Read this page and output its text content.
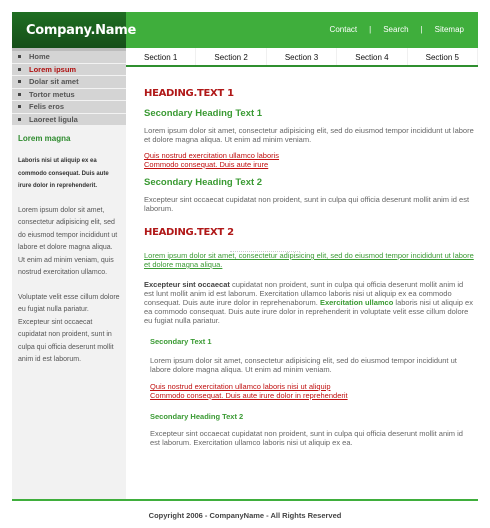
Company.Name	Contact | Search | Sitemap
Home
Lorem ipsum
Dolar sit amet
Tortor metus
Felis eros
Laoreet ligula
Lorem magna
Laboris nisi ut aliquip ex ea commodo consequat. Duis aute irure dolor in reprehenderit.
Lorem ipsum dolor sit amet, consectetur adipisicing elit, sed do eiusmod tempor incididunt ut labore et dolore magna aliqua. Ut enim ad minim veniam, quis nostrud exercitation ullamco.
Voluptate velit esse cillum dolore eu fugiat nulla pariatur. Excepteur sint occaecat cupidatat non proident, sunt in culpa qui officia deserunt mollit anim id est laborum.
Section 1	Section 2	Section 3	Section 4	Section 5
HEADING.TEXT 1
Secondary Heading Text 1
Lorem ipsum dolor sit amet, consectetur adipisicing elit, sed do eiusmod tempor incididunt ut labore et dolore magna aliqua. Ut enim ad minim veniam.
Quis nostrud exercitation ullamco laboris
Commodo consequat. Duis aute irure
Secondary Heading Text 2
Excepteur sint occaecat cupidatat non proident, sunt in culpa qui officia deserunt mollit anim id est laborum.
HEADING.TEXT 2
Lorem ipsum dolor sit amet, consectetur adipisicing elit, sed do eiusmod tempor incididunt ut labore et dolore magna aliqua.
Excepteur sint occaecat cupidatat non proident, sunt in culpa qui officia deserunt mollit anim id est lunt mollit anim id est laborum. Exercitation ullamco laboris nisi ut aliquip ex ea commodo consequat. Duis aute irure dolor in reprehenaborum. Exercitation ullamco laboris nisi ut aliquip ex ea commodo consequat. Duis aute irure dolor in reprehenderit in voluptate velit esse cillum dolore eu fugiat nulla pariatur.
Secondary Text 1
Lorem ipsum dolor sit amet, consectetur adipisicing elit, sed do eiusmod tempor incididunt ut labore dolore magna aliqua. Ut enim ad minim veniam.
Quis nostrud exercitation ullamco laboris nisi ut aliquip
Commodo consequat. Duis aute irure dolor in reprehenderit
Secondary Heading Text 2
Excepteur sint occaecat cupidatat non proident, sunt in culpa qui officia deserunt mollit anim id est laborum. Exercitation ullamco laboris nisi ut aliquip ex ea.
Copyright 2006 - CompanyName - All Rights Reserved
